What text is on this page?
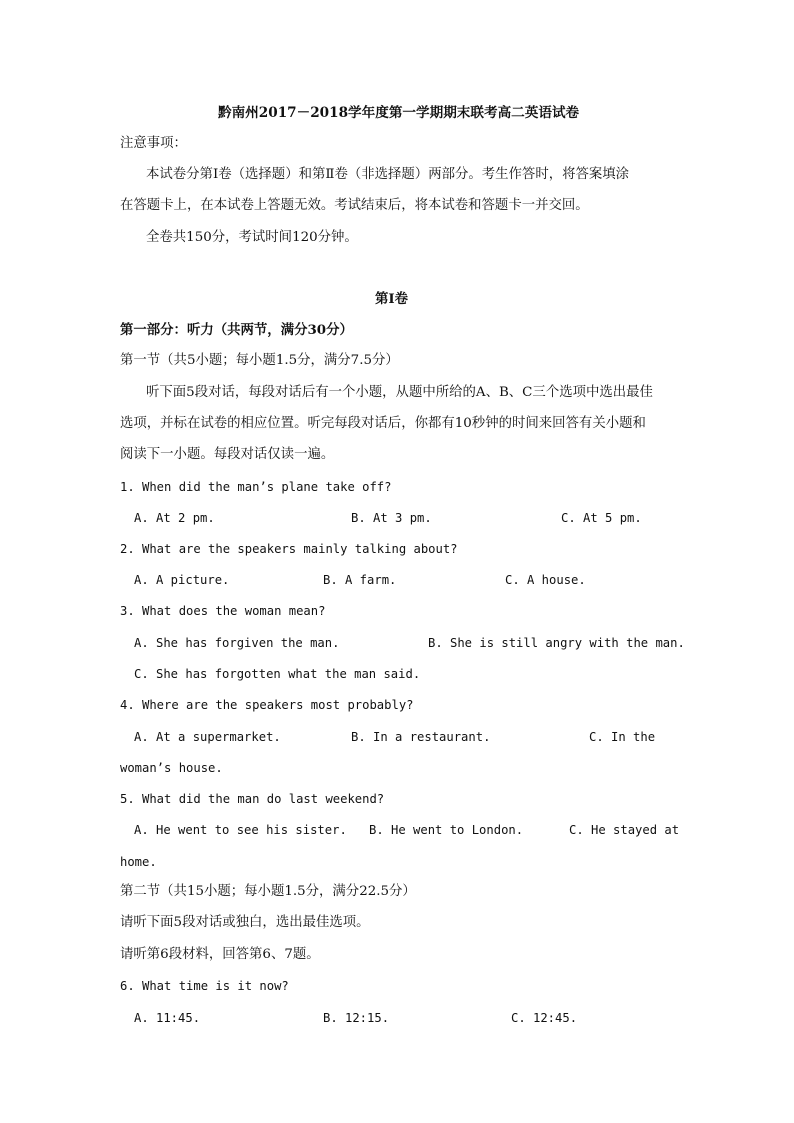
黔南州2017－2018学年度第一学期期末联考高二英语试卷
注意事项：
本试卷分第Ⅰ卷（选择题）和第Ⅱ卷（非选择题）两部分。考生作答时，将答案填涂
在答题卡上，在本试卷上答题无效。考试结束后，将本试卷和答题卡一并交回。
全卷共150分，考试时间120分钟。
第Ⅰ卷
第一部分：听力（共两节，满分30分）
第一节（共5小题；每小题1.5分，满分7.5分）
听下面5段对话，每段对话后有一个小题，从题中所给的A、B、C三个选项中选出最佳
选项，并标在试卷的相应位置。听完每段对话后，你都有10秒钟的时间来回答有关小题和
阅读下一小题。每段对话仅读一遍。
1. When did the man’s plane take off?
A. At 2 pm.	B. At 3 pm.	C. At 5 pm.
2. What are the speakers mainly talking about?
A. A picture.	B. A farm.	C. A house.
3. What does the woman mean?
A. She has forgiven the man.	B. She is still angry with the man.
C. She has forgotten what the man said.
4. Where are the speakers most probably?
A. At a supermarket.	B. In a restaurant.	C. In the
woman’s house.
5. What did the man do last weekend?
A. He went to see his sister. B. He went to London.	C. He stayed at
home.
第二节（共15小题；每小题1.5分，满分22.5分）
请听下面5段对话或独白，选出最佳选项。
请听第6段材料，回答第6、7题。
6. What time is it now?
A. 11:45.	B. 12:15.	C. 12:45.
